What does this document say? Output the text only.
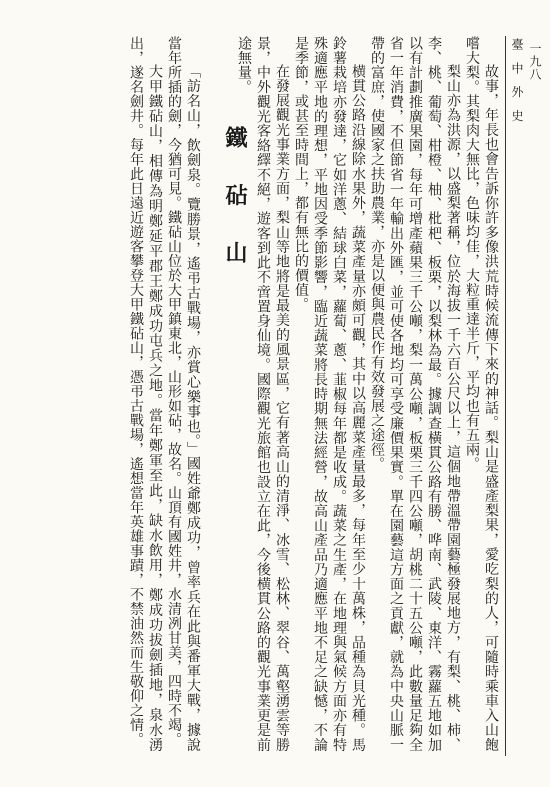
一九八
臺 中 外 史

故事，年長也會告訴你許多像洪荒時候流傳下來的神話。梨山是盛產梨果，愛吃梨的人，可隨時乘車入山飽嚐大梨。其梨肉大無比，色味均佳，大粒重達半斤，平均也有五兩。

梨山亦為洪源，以盛梨著稱，位於海拔一千六百公尺以上，這個地帶溫帶園藝極發展地方，有梨、桃、柿、李、桃、葡萄、柑橙、柚、枇杷、板栗，以梨林為最。據調查橫貫公路有勝、哗南、武陵、東洋、霧蘿五地如加以有計劃推廣果園，每年可增產蘋果三千公噸，梨一萬公噸，板栗三千四公噸，胡桃二十五公噸，此數量足夠全省一年消費，不但節省一年輸出外匯，並可使各地均可享受廉價果實。單在園藝這方面之貢獻，就為中央山脈一帶的富庶，使國家之扶助農業，亦是以便與農民作有效發展之途徑。

横貫公路沿線除水果外，蔬菜產量亦頗可觀，其中以高麗菜產量最多，每年至少十萬株，品種為貝光種。馬鈴薯栽培亦發達，它如洋蔥、結球白菜，蘿蔔、蔥、韮椒每年都是收成。蔬菜之生產，在地理與氣候方面亦有特殊適應平地的理想，平地因受季節影響，臨近蔬菜將長時期無法經營，故高山產品乃適應平地不足之缺憾，不論是季節，或甚至時間上，都有無比的價值。

在發展觀光事業方面，梨山等地將是最美的風景區，它有著高山的清淨、冰雪、松林、翠谷、萬壑湧雲等勝景，中外觀光客絡繹不絕，遊客到此不啻置身仙境。國際觀光旅館也設立在此，今後横貫公路的觀光事業更是前途無量。

鐵 砧 山

「訪名山，飲劍泉。覽勝景，遙弔古戰場，亦賞心樂事也。」國姓爺鄭成功，曾率兵在此與番軍大戰，據說當年所插的劍，今猶可見。鐵砧山位於大甲鎮東北，山形如砧，故名。山頂有國姓井，水清冽甘美，四時不竭。

大甲鐵砧山，相傳為明鄭延平郡王鄭成功屯兵之地。當年鄭軍至此，缺水飲用，鄭成功拔劍插地，泉水湧出，遂名劍井。每年此日遠近遊客攀登大甲鐵砧山，憑弔古戰場，遙想當年英雄事蹟，不禁油然而生敬仰之情。
